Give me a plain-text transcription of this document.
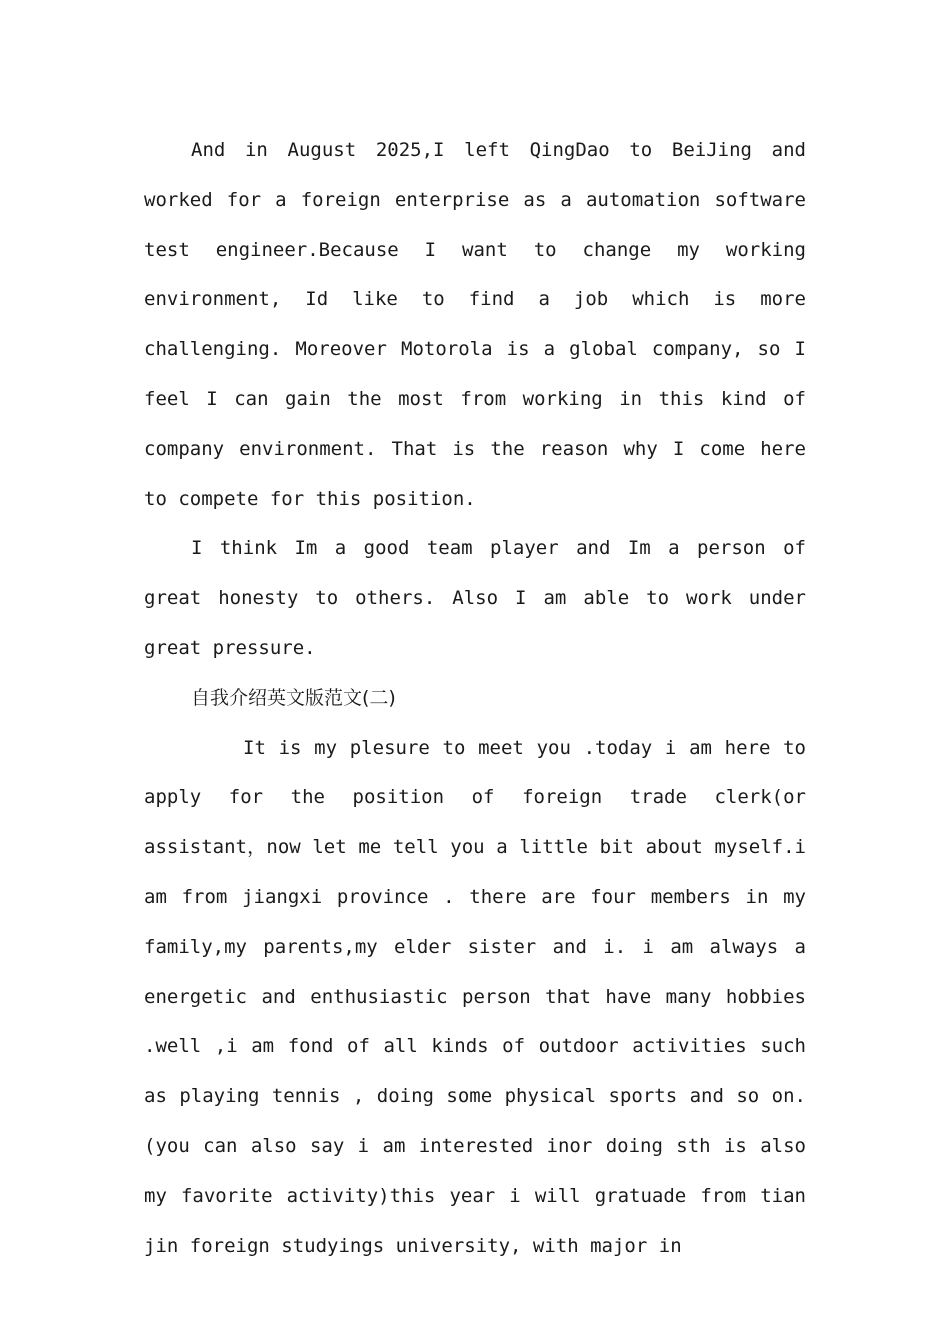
And in August 2025,I left QingDao to BeiJing and worked for a foreign enterprise as a automation software test engineer.Because I want to change my working environment, Id like to find a job which is more challenging. Moreover Motorola is a global company, so I feel I can gain the most from working in this kind of company environment. That is the reason why I come here to compete for this position.

I think Im a good team player and Im a person of great honesty to others. Also I am able to work under great pressure.

自我介绍英文版范文(二)

It is my plesure to meet you .today i am here to apply for the position of foreign trade clerk(or assistant，now let me tell you a little bit about myself.i am from jiangxi province . there are four members in my family,my parents,my elder sister and i. i am always a energetic and enthusiastic person that have many hobbies .well ,i am fond of all kinds of outdoor activities such as playing tennis , doing some physical sports and so on. (you can also say i am interested inor doing sth is also my favorite activity)this year i will gratuade from tian jin foreign studyings university, with major in
